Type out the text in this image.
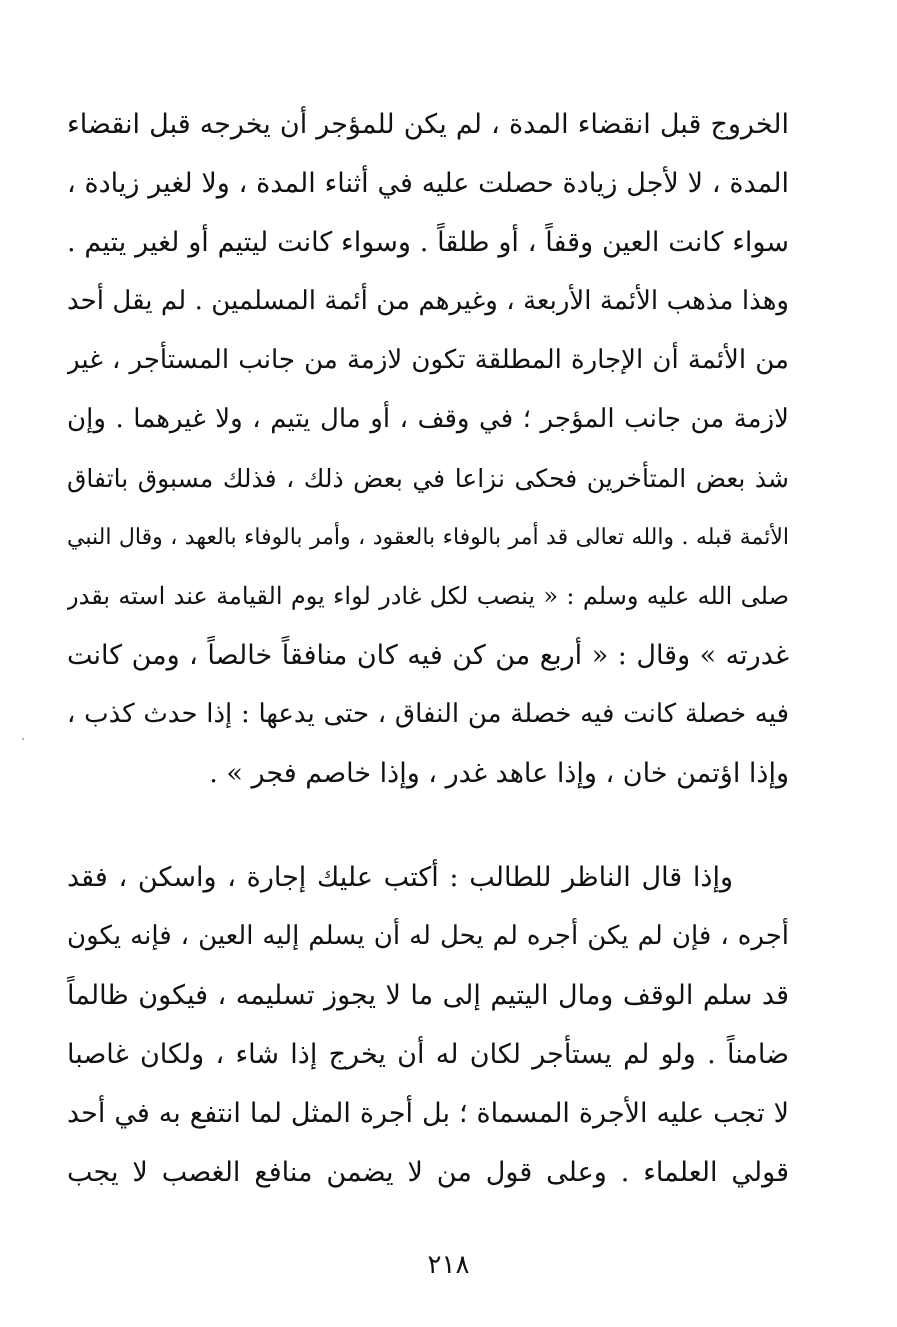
الخروج قبل انقضاء المدة ، لم يكن للمؤجر أن يخرجه قبل انقضاء
المدة ، لا لأجل زيادة حصلت عليه في أثناء المدة ، ولا لغير زيادة ،
سواء كانت العين وقفاً ، أو طلقاً . وسواء كانت ليتيم أو لغير يتيم .
وهذا مذهب الأئمة الأربعة ، وغيرهم من أئمة المسلمين . لم يقل أحد
من الأئمة أن الإجارة المطلقة تكون لازمة من جانب المستأجر ، غير
لازمة من جانب المؤجر ؛ في وقف ، أو مال يتيم ، ولا غيرهما . وإن
شذ بعض المتأخرين فحكى نزاعا في بعض ذلك ، فذلك مسبوق باتفاق
الأئمة قبله . والله تعالى قد أمر بالوفاء بالعقود ، وأمر بالوفاء بالعهد ، وقال النبي
صلى الله عليه وسلم : « ينصب لكل غادر لواء يوم القيامة عند استه بقدر
غدرته » وقال : « أربع من كن فيه كان منافقاً خالصاً ، ومن كانت
فيه خصلة كانت فيه خصلة من النفاق ، حتى يدعها : إذا حدث كذب ،
وإذا اؤتمن خان ، وإذا عاهد غدر ، وإذا خاصم فجر » .
وإذا قال الناظر للطالب : أكتب عليك إجارة ، واسكن ، فقد
أجره ، فإن لم يكن أجره لم يحل له أن يسلم إليه العين ، فإنه يكون
قد سلم الوقف ومال اليتيم إلى ما لا يجوز تسليمه ، فيكون ظالماً
ضامناً . ولو لم يستأجر لكان له أن يخرج إذا شاء ، ولكان غاصبا
لا تجب عليه الأجرة المسماة ؛ بل أجرة المثل لما انتفع به في أحد
قولي العلماء . وعلى قول من لا يضمن منافع الغصب لا يجب
٢١٨
